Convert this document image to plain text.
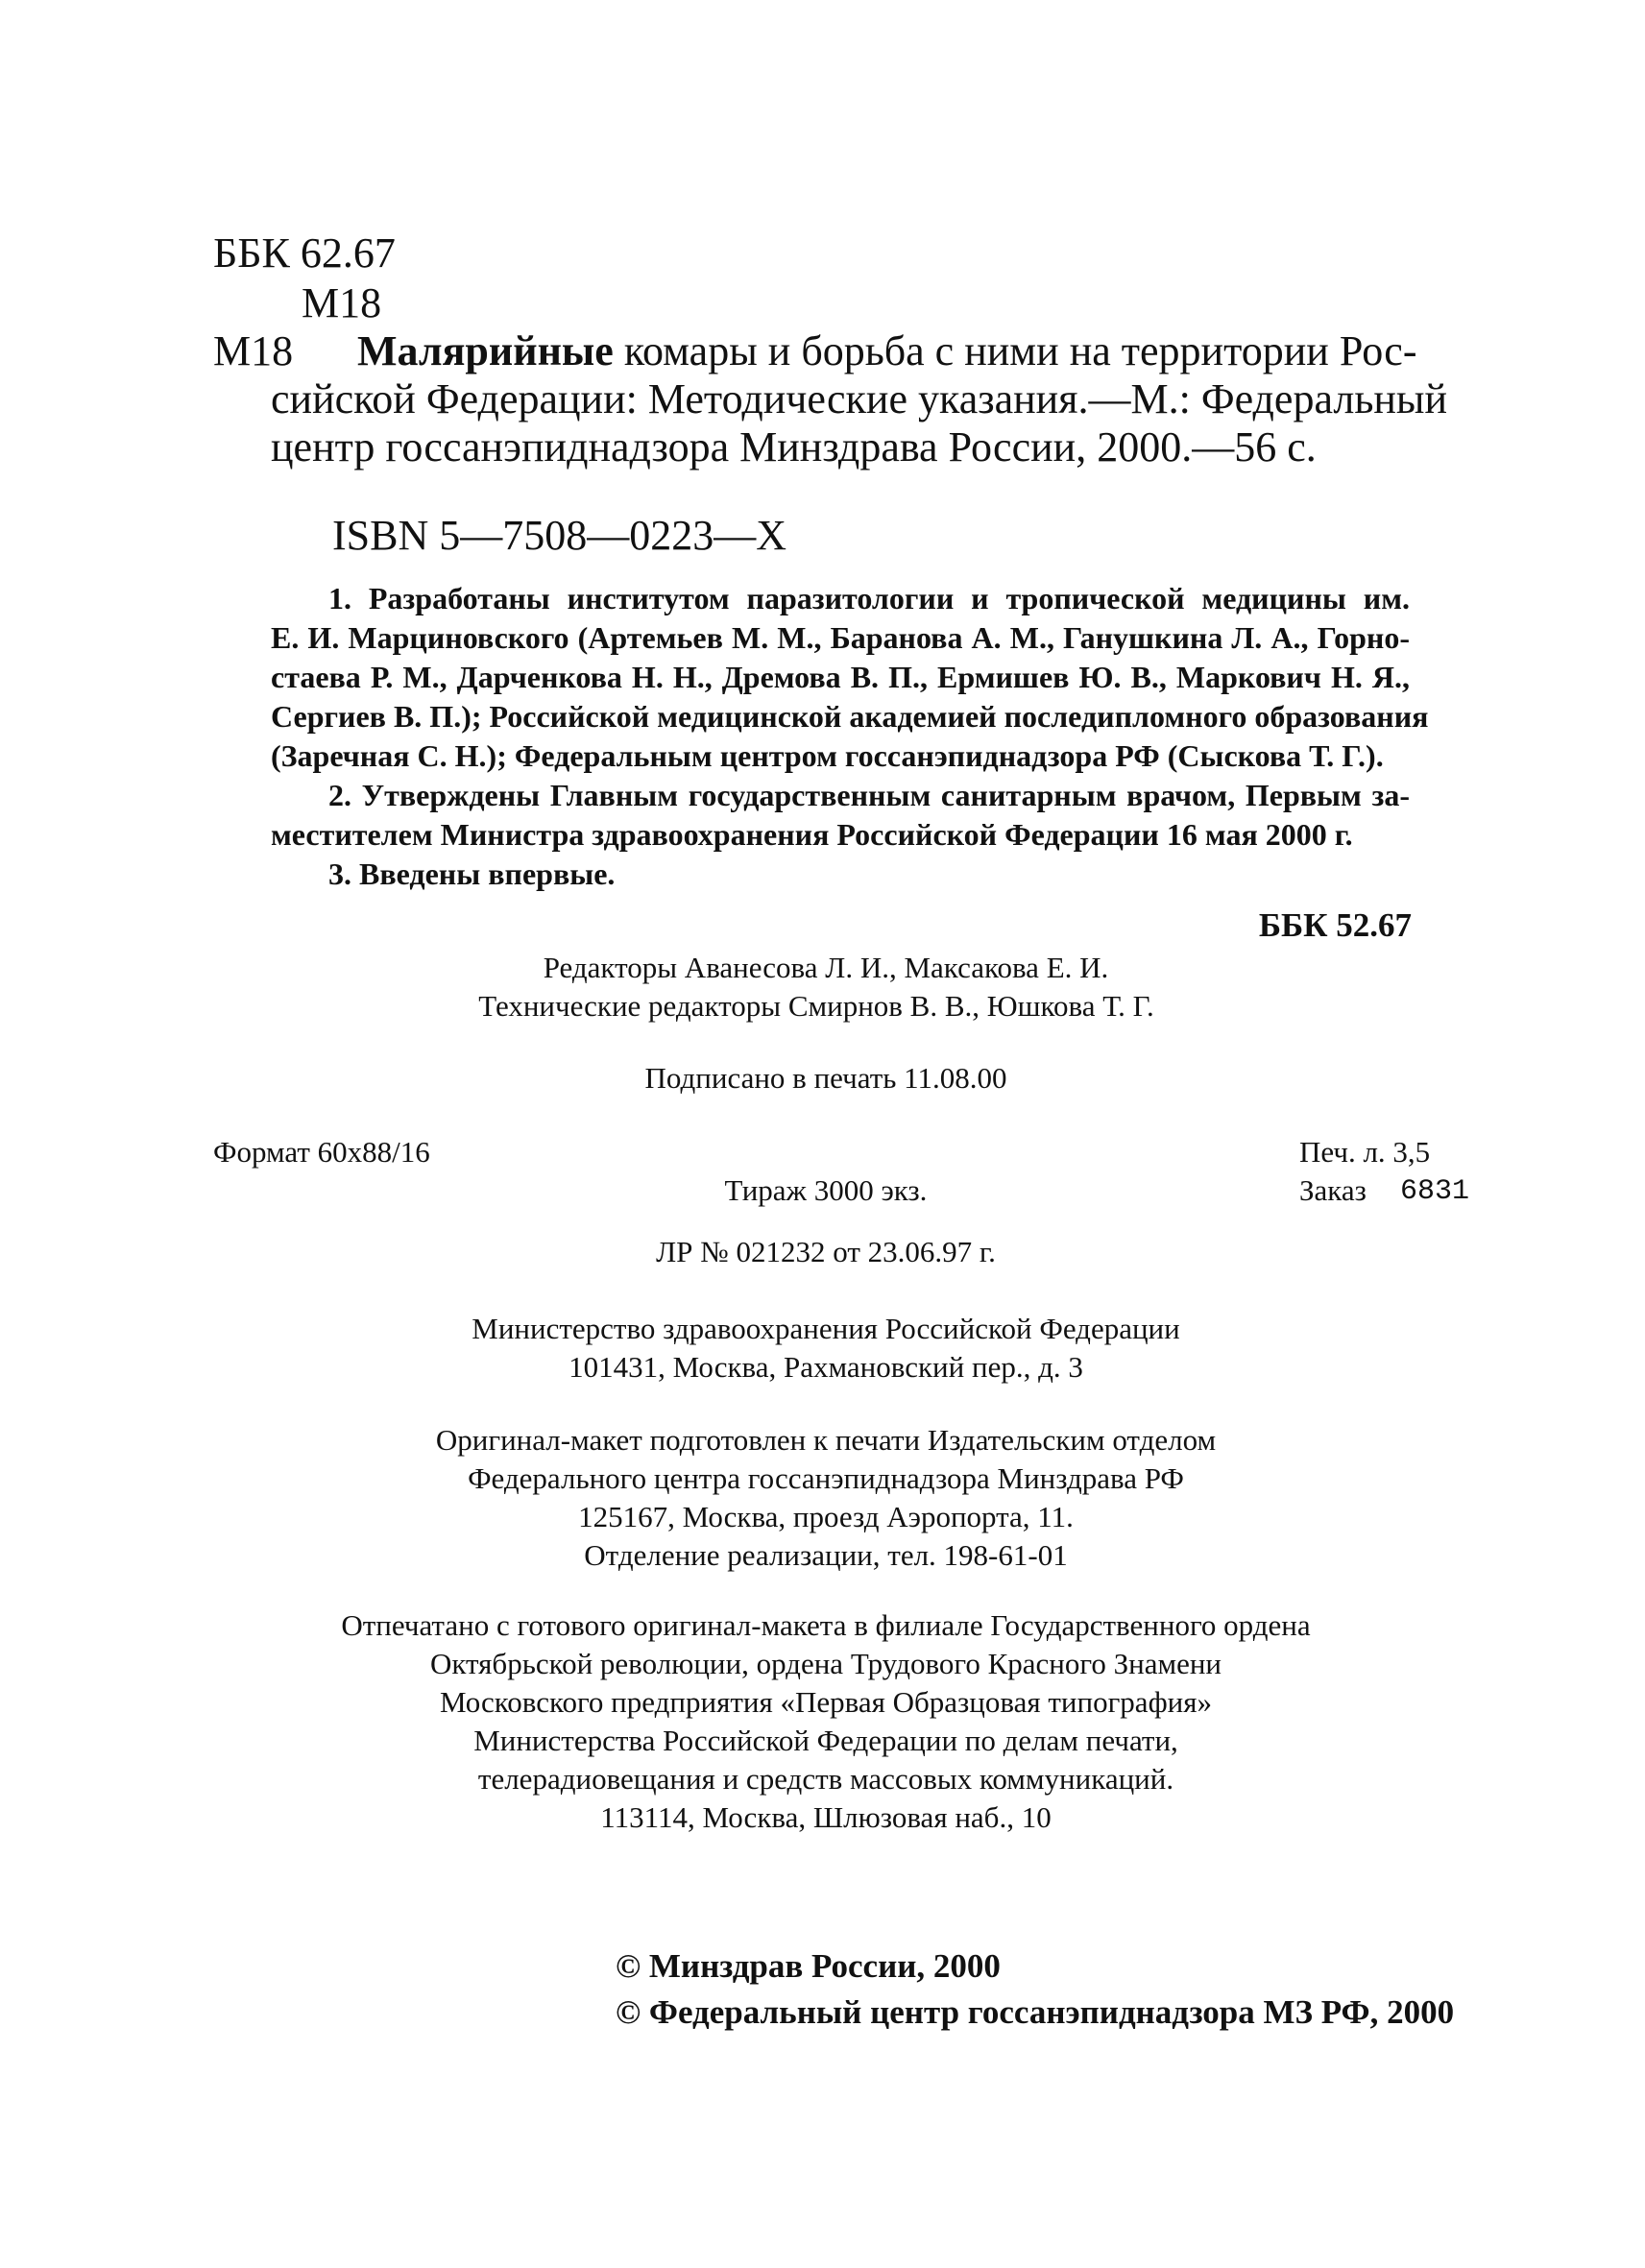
ББК 62.67
М18
М18 Малярийные комары и борьба с ними на территории Рос-
сийской Федерации: Методические указания.—М.: Федеральный
центр госсанэпиднадзора Минздрава России, 2000.—56 с.
ISBN 5—7508—0223—X
1. Разработаны институтом паразитологии и тропической медицины им.
Е. И. Марциновского (Артемьев М. М., Баранова А. М., Ганушкина Л. А., Горно-
стаева Р. М., Дарченкова Н. Н., Дремова В. П., Ермишев Ю. В., Маркович Н. Я.,
Сергиев В. П.); Российской медицинской академией последипломного образования
(Заречная С. Н.); Федеральным центром госсанэпиднадзора РФ (Сыскова Т. Г.).
2. Утверждены Главным государственным санитарным врачом, Первым за-
местителем Министра здравоохранения Российской Федерации 16 мая 2000 г.
3. Введены впервые.
ББК 52.67
Редакторы Аванесова Л. И., Максакова Е. И.
Технические редакторы Смирнов В. В., Юшкова Т. Г.
Подписано в печать 11.08.00
Формат 60x88/16	Печ. л. 3,5
Тираж 3000 экз.	Заказ 6831
ЛР № 021232 от 23.06.97 г.
Министерство здравоохранения Российской Федерации
101431, Москва, Рахмановский пер., д. 3
Оригинал-макет подготовлен к печати Издательским отделом
Федерального центра госсанэпиднадзора Минздрава РФ
125167, Москва, проезд Аэропорта, 11.
Отделение реализации, тел. 198-61-01
Отпечатано с готового оригинал-макета в филиале Государственного ордена
Октябрьской революции, ордена Трудового Красного Знамени
Московского предприятия «Первая Образцовая типография»
Министерства Российской Федерации по делам печати,
телерадиовещания и средств массовых коммуникаций.
113114, Москва, Шлюзовая наб., 10
© Минздрав России, 2000
© Федеральный центр госсанэпиднадзора МЗ РФ, 2000
